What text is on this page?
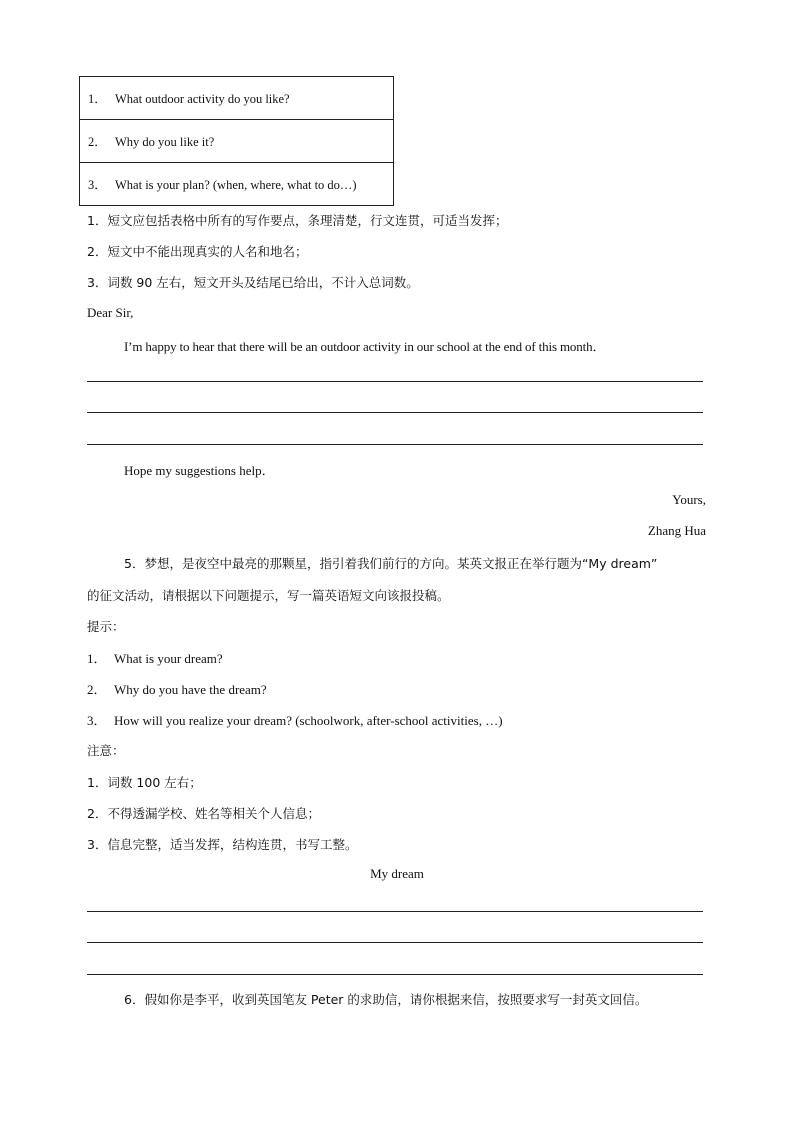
1． What outdoor activity do you like?
2． Why do you like it?
3． What is your plan? (when, where, what to do…)
1．短文应包括表格中所有的写作要点，条理清楚，行文连贯，可适当发挥；
2．短文中不能出现真实的人名和地名；
3．词数 90 左右，短文开头及结尾已给出，不计入总词数。
Dear Sir,
I’m happy to hear that there will be an outdoor activity in our school at the end of this month．
Hope my suggestions help．
Yours,
Zhang Hua
5．梦想，是夜空中最亮的那颗星，指引着我们前行的方向。某英文报正在举行题为“My dream”
的征文活动，请根据以下问题提示，写一篇英语短文向该报投稿。
提示：
1． What is your dream?
2． Why do you have the dream?
3． How will you realize your dream? (schoolwork, after-school activities, …)
注意：
1．词数 100 左右；
2．不得透漏学校、姓名等相关个人信息；
3．信息完整，适当发挥，结构连贯，书写工整。
My dream
6．假如你是李平，收到英国笔友 Peter 的求助信，请你根据来信，按照要求写一封英文回信。
